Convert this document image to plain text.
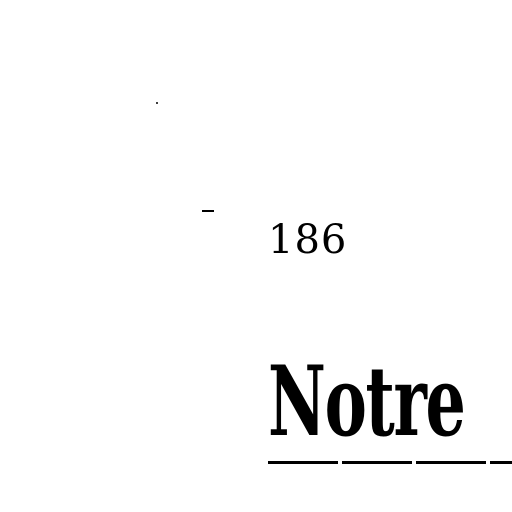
186
Notre
